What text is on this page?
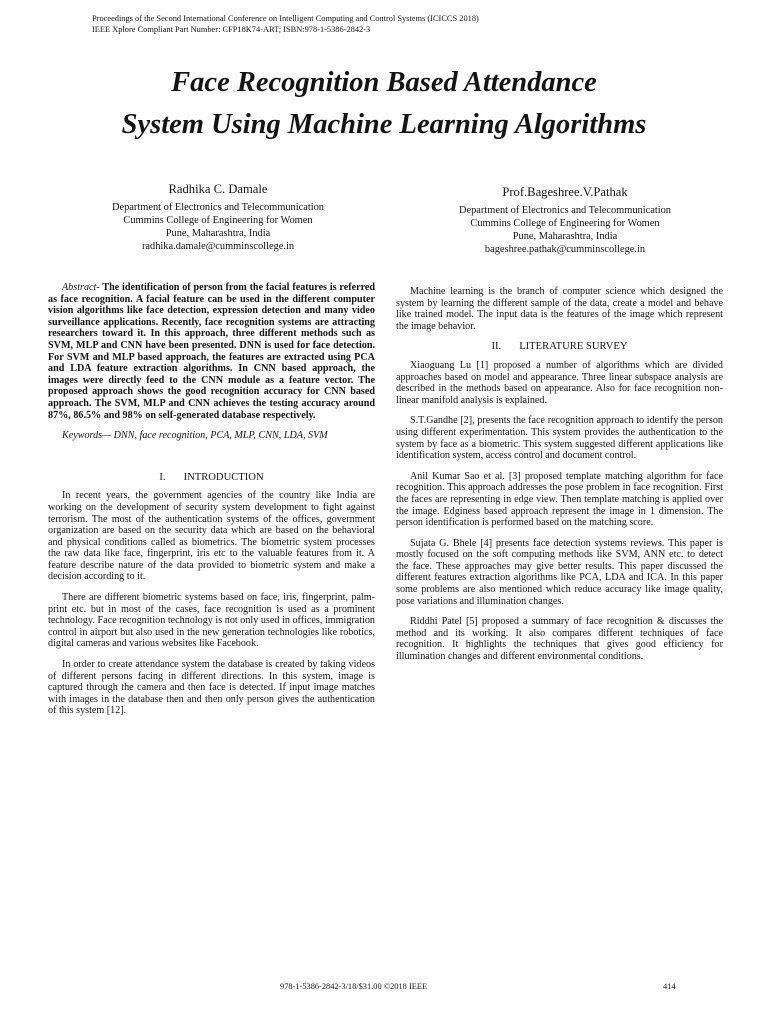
Proceedings of the Second International Conference on Intelligent Computing and Control Systems (ICICCS 2018)
IEEE Xplore Compliant Part Number: CFP18K74-ART; ISBN:978-1-5386-2842-3
Face Recognition Based Attendance
System Using Machine Learning Algorithms
Radhika C. Damale
Department of Electronics and Telecommunication
Cummins College of Engineering for Women
Pune, Maharashtra, India
radhika.damale@cumminscollege.in
Prof.Bageshree.V.Pathak
Department of Electronics and Telecommunication
Cummins College of Engineering for Women
Pune, Maharashtra, India
bageshree.pathak@cumminscollege.in

Abstract- The identification of person from the facial features is referred as face recognition. A facial feature can be used in the different computer vision algorithms like face detection, expression detection and many video surveillance applications. Recently, face recognition systems are attracting researchers toward it. In this approach, three different methods such as SVM, MLP and CNN have been presented. DNN is used for face detection. For SVM and MLP based approach, the features are extracted using PCA and LDA feature extraction algorithms. In CNN based approach, the images were directly feed to the CNN module as a feature vector. The proposed approach shows the good recognition accuracy for CNN based approach. The SVM, MLP and CNN achieves the testing accuracy around 87%, 86.5% and 98% on self-generated database respectively.

Keywords— DNN, face recognition, PCA, MLP, CNN, LDA, SVM

I. INTRODUCTION

In recent years, the government agencies of the country like India are working on the development of security system development to fight against terrorism. The most of the authentication systems of the offices, government organization are based on the security data which are based on the behavioral and physical conditions called as biometrics. The biometric system processes the raw data like face, fingerprint, iris etc to the valuable features from it. A feature describe nature of the data provided to biometric system and make a decision according to it.

There are different biometric systems based on face, iris, fingerprint, palm-print etc. but in most of the cases, face recognition is used as a prominent technology. Face recognition technology is not only used in offices, immigration control in airport but also used in the new generation technologies like robotics, digital cameras and various websites like Facebook.

In order to create attendance system the database is created by taking videos of different persons facing in different directions. In this system, image is captured through the camera and then face is detected. If input image matches with images in the database then and then only person gives the authentication of this system [12].

Machine learning is the branch of computer science which designed the system by learning the different sample of the data, create a model and behave like trained model. The input data is the features of the image which represent the image behavior.

II. LITERATURE SURVEY

Xiaoguang Lu [1] proposed a number of algorithms which are divided approaches based on model and appearance. Three linear subspace analysis are described in the methods based on appearance. Also for face recognition non-linear manifold analysis is explained.

S.T.Gandhe [2], presents the face recognition approach to identify the person using different experimentation. This system provides the authentication to the system by face as a biometric. This system suggested different applications like identification system, access control and document control.

Anil Kumar Sao et al. [3] proposed template matching algorithm for face recognition. This approach addresses the pose problem in face recognition. First the faces are representing in edge view. Then template matching is applied over the image. Edginess based approach represent the image in 1 dimension. The person identification is performed based on the matching score.

Sujata G. Bhele [4] presents face detection systems reviews. This paper is mostly focused on the soft computing methods like SVM, ANN etc. to detect the face. These approaches may give better results. This paper discussed the different features extraction algorithms like PCA, LDA and ICA. In this paper some problems are also mentioned which reduce accuracy like image quality, pose variations and illumination changes.

Riddhi Patel [5] proposed a summary of face recognition & discusses the method and its working. It also compares different techniques of face recognition. It highlights the techniques that gives good efficiency for illumination changes and different environmental conditions.

978-1-5386-2842-3/18/$31.00 ©2018 IEEE	414
